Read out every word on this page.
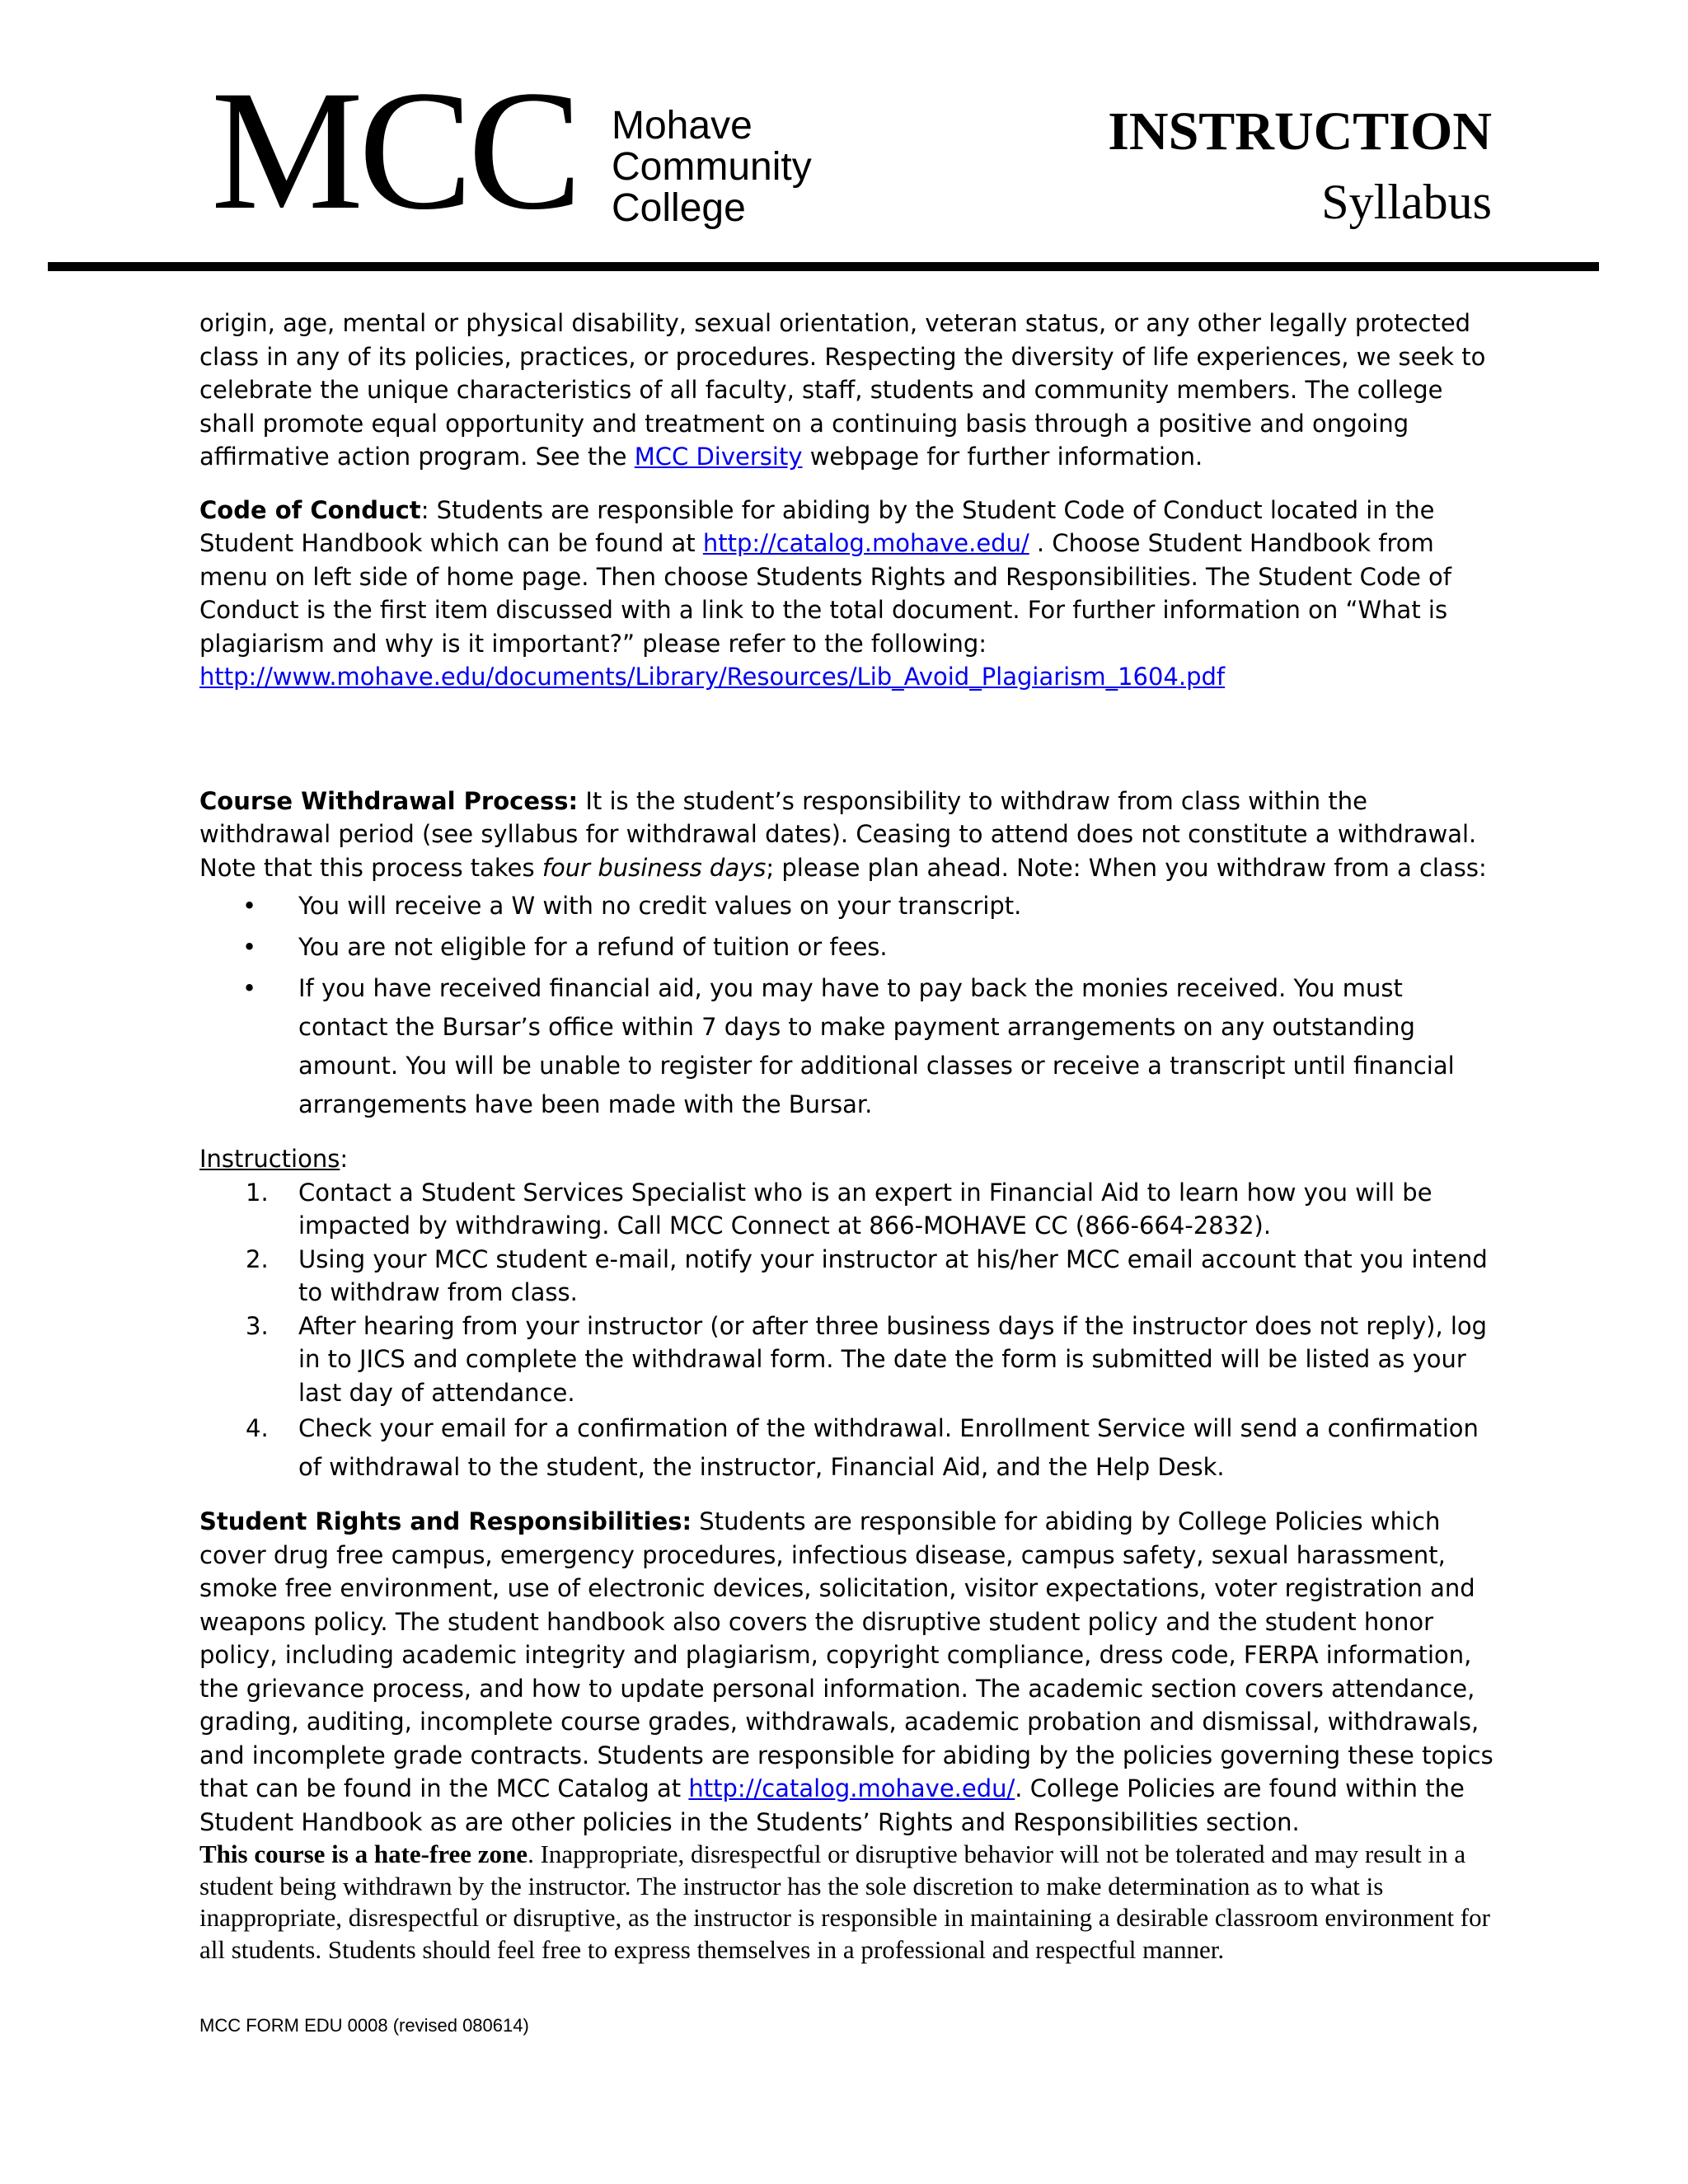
MCC Mohave
Community
College
INSTRUCTION
Syllabus

origin, age, mental or physical disability, sexual orientation, veteran status, or any other legally protected class in any of its policies, practices, or procedures. Respecting the diversity of life experiences, we seek to celebrate the unique characteristics of all faculty, staff, students and community members. The college shall promote equal opportunity and treatment on a continuing basis through a positive and ongoing affirmative action program. See the MCC Diversity webpage for further information.

Code of Conduct: Students are responsible for abiding by the Student Code of Conduct located in the Student Handbook which can be found at http://catalog.mohave.edu/ . Choose Student Handbook from menu on left side of home page. Then choose Students Rights and Responsibilities. The Student Code of Conduct is the first item discussed with a link to the total document. For further information on “What is plagiarism and why is it important?” please refer to the following:
http://www.mohave.edu/documents/Library/Resources/Lib_Avoid_Plagiarism_1604.pdf

Course Withdrawal Process: It is the student’s responsibility to withdraw from class within the withdrawal period (see syllabus for withdrawal dates). Ceasing to attend does not constitute a withdrawal. Note that this process takes four business days; please plan ahead. Note: When you withdraw from a class:

• You will receive a W with no credit values on your transcript.
• You are not eligible for a refund of tuition or fees.
• If you have received financial aid, you may have to pay back the monies received. You must contact the Bursar’s office within 7 days to make payment arrangements on any outstanding amount. You will be unable to register for additional classes or receive a transcript until financial arrangements have been made with the Bursar.

Instructions:

1. Contact a Student Services Specialist who is an expert in Financial Aid to learn how you will be impacted by withdrawing. Call MCC Connect at 866-MOHAVE CC (866-664-2832).
2. Using your MCC student e-mail, notify your instructor at his/her MCC email account that you intend to withdraw from class.
3. After hearing from your instructor (or after three business days if the instructor does not reply), log in to JICS and complete the withdrawal form. The date the form is submitted will be listed as your last day of attendance.
4. Check your email for a confirmation of the withdrawal. Enrollment Service will send a confirmation of withdrawal to the student, the instructor, Financial Aid, and the Help Desk.

Student Rights and Responsibilities: Students are responsible for abiding by College Policies which cover drug free campus, emergency procedures, infectious disease, campus safety, sexual harassment, smoke free environment, use of electronic devices, solicitation, visitor expectations, voter registration and weapons policy. The student handbook also covers the disruptive student policy and the student honor policy, including academic integrity and plagiarism, copyright compliance, dress code, FERPA information, the grievance process, and how to update personal information. The academic section covers attendance, grading, auditing, incomplete course grades, withdrawals, academic probation and dismissal, withdrawals, and incomplete grade contracts. Students are responsible for abiding by the policies governing these topics that can be found in the MCC Catalog at http://catalog.mohave.edu/. College Policies are found within the Student Handbook as are other policies in the Students’ Rights and Responsibilities section.

This course is a hate-free zone. Inappropriate, disrespectful or disruptive behavior will not be tolerated and may result in a student being withdrawn by the instructor. The instructor has the sole discretion to make determination as to what is inappropriate, disrespectful or disruptive, as the instructor is responsible in maintaining a desirable classroom environment for all students. Students should feel free to express themselves in a professional and respectful manner.

MCC FORM EDU 0008 (revised 080614)
